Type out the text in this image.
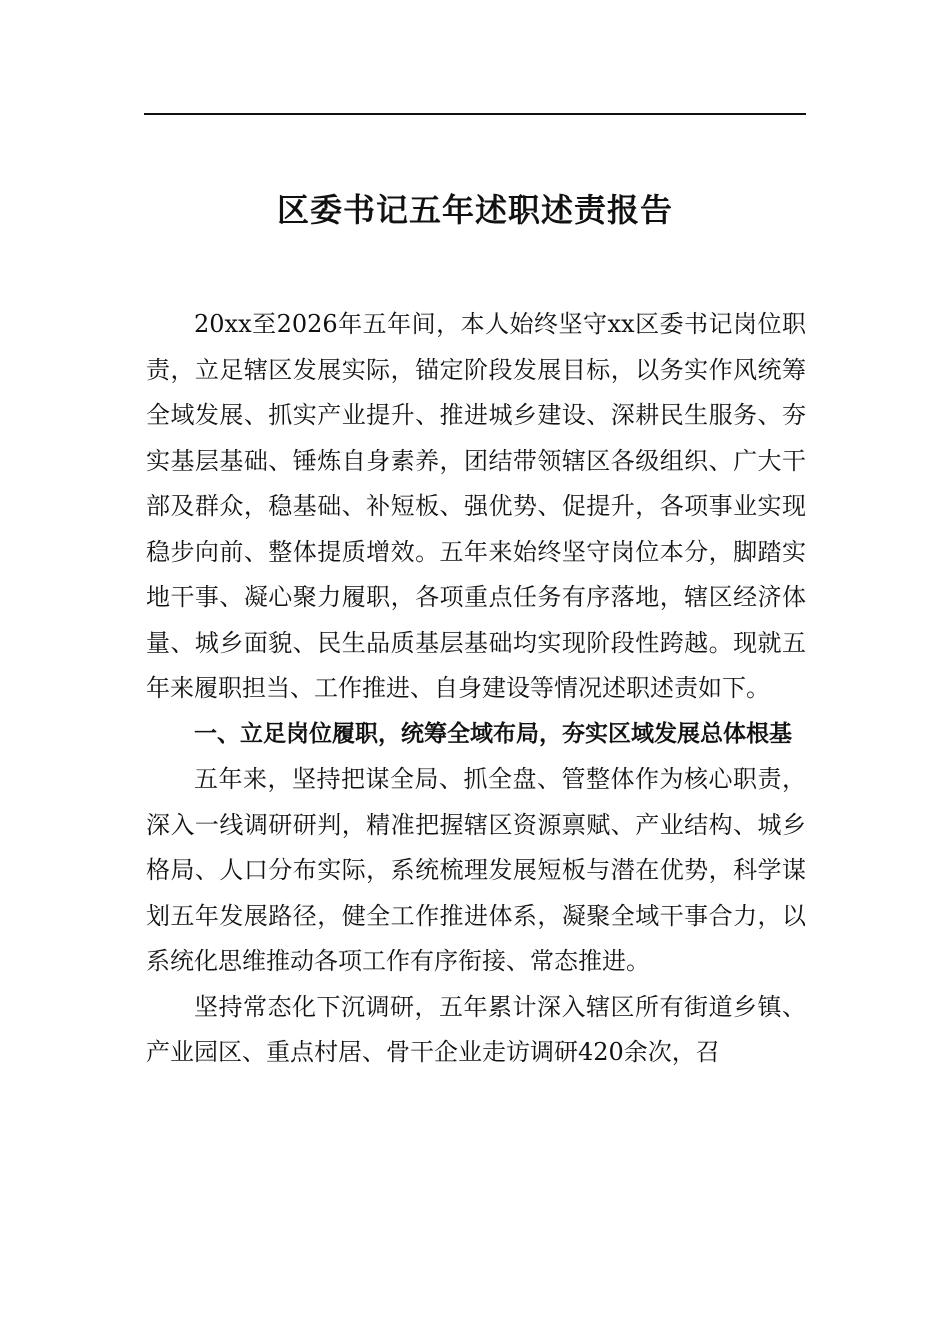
区委书记五年述职述责报告

20xx至2026年五年间，本人始终坚守xx区委书记岗位职责，立足辖区发展实际，锚定阶段发展目标，以务实作风统筹全域发展、抓实产业提升、推进城乡建设、深耕民生服务、夯实基层基础、锤炼自身素养，团结带领辖区各级组织、广大干部及群众，稳基础、补短板、强优势、促提升，各项事业实现稳步向前、整体提质增效。五年来始终坚守岗位本分，脚踏实地干事、凝心聚力履职，各项重点任务有序落地，辖区经济体量、城乡面貌、民生品质基层基础均实现阶段性跨越。现就五年来履职担当、工作推进、自身建设等情况述职述责如下。

一、立足岗位履职，统筹全域布局，夯实区域发展总体根基

五年来，坚持把谋全局、抓全盘、管整体作为核心职责，深入一线调研研判，精准把握辖区资源禀赋、产业结构、城乡格局、人口分布实际，系统梳理发展短板与潜在优势，科学谋划五年发展路径，健全工作推进体系，凝聚全域干事合力，以系统化思维推动各项工作有序衔接、常态推进。

坚持常态化下沉调研，五年累计深入辖区所有街道乡镇、产业园区、重点村居、骨干企业走访调研420余次，召
